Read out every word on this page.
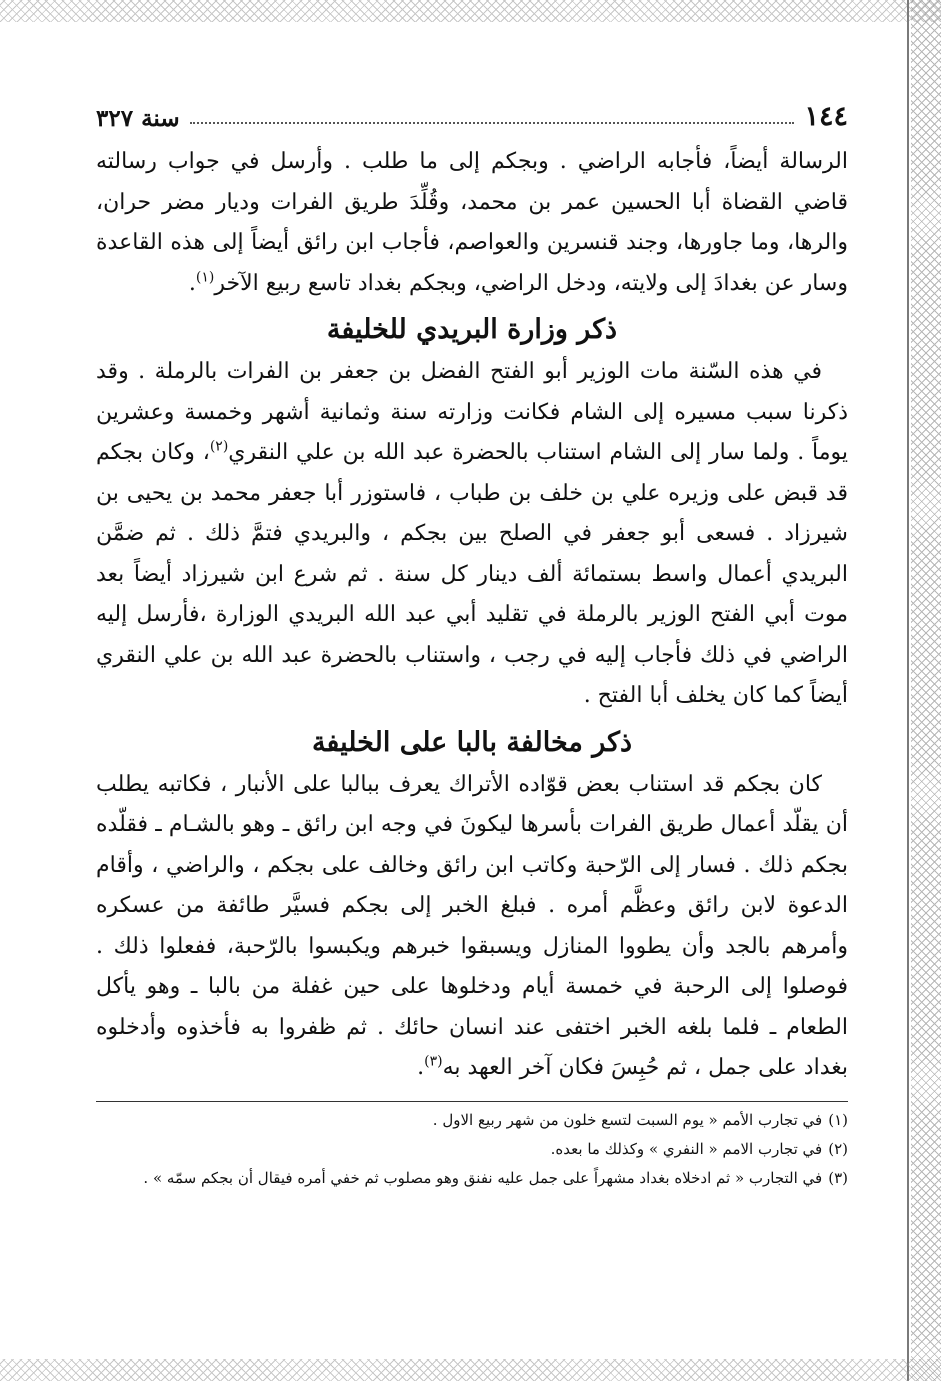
١٤٤
سنة ٣٢٧

الرسالة أيضاً، فأجابه الراضي . وبجكم إلى ما طلب . وأرسل في جواب رسالته قاضي القضاة أبا الحسين عمر بن محمد، وقُلِّدَ طريق الفرات وديار مضر حران، والرها، وما جاورها، وجند قنسرين والعواصم، فأجاب ابن رائق أيضاً إلى هذه القاعدة وسار عن بغدادَ إلى ولايته، ودخل الراضي، وبجكم بغداد تاسع ربيع الآخر$^{(١)}$.

ذكر وزارة البريدي للخليفة

في هذه السّنة مات الوزير أبو الفتح الفضل بن جعفر بن الفرات بالرملة . وقد ذكرنا سبب مسيره إلى الشام فكانت وزارته سنة وثمانية أشهر وخمسة وعشرين يوماً . ولما سار إلى الشام استناب بالحضرة عبد الله بن علي النقري$^{(٢)}$، وكان بجكم قد قبض على وزيره علي بن خلف بن طباب ، فاستوزر أبا جعفر محمد بن يحيى بن شيرزاد . فسعى أبو جعفر في الصلح بين بجكم ، والبريدي فتمَّ ذلك . ثم ضمَّن البريدي أعمال واسط بستمائة ألف دينار كل سنة . ثم شرع ابن شيرزاد أيضاً بعد موت أبي الفتح الوزير بالرملة في تقليد أبي عبد الله البريدي الوزارة ،فأرسل إليه الراضي في ذلك فأجاب إليه في رجب ، واستناب بالحضرة عبد الله بن علي النقري أيضاً كما كان يخلف أبا الفتح .

ذكر مخالفة بالبا على الخليفة

كان بجكم قد استناب بعض قوّاده الأتراك يعرف ببالبا على الأنبار ، فكاتبه يطلب أن يقلّد أعمال طريق الفرات بأسرها ليكونَ في وجه ابن رائق ـ وهو بالشـام ـ فقلّده بجكم ذلك . فسار إلى الرّحبة وكاتب ابن رائق وخالف على بجكم ، والراضي ، وأقام الدعوة لابن رائق وعظَّم أمره . فبلغ الخبر إلى بجكم فسيَّر طائفة من عسكره وأمرهم بالجد وأن يطووا المنازل ويسبقوا خبرهم ويكبسوا بالرّحبة، ففعلوا ذلك . فوصلوا إلى الرحبة في خمسة أيام ودخلوها على حين غفلة من بالبا ـ وهو يأكل الطعام ـ فلما بلغه الخبر اختفى عند انسان حائك . ثم ظفروا به فأخذوه وأدخلوه بغداد على جمل ، ثم حُبِسَ فكان آخر العهد به$^{(٣)}$.

(١)في تجارب الأمم « يوم السبت لتسع خلون من شهر ربيع الاول .
(٢)في تجارب الامم « النفري » وكذلك ما بعده.
(٣)في التجارب « ثم ادخلاه بغداد مشهراً على جمل عليه نفنق وهو مصلوب ثم خفي أمره فيقال أن بجكم سمّه » .
